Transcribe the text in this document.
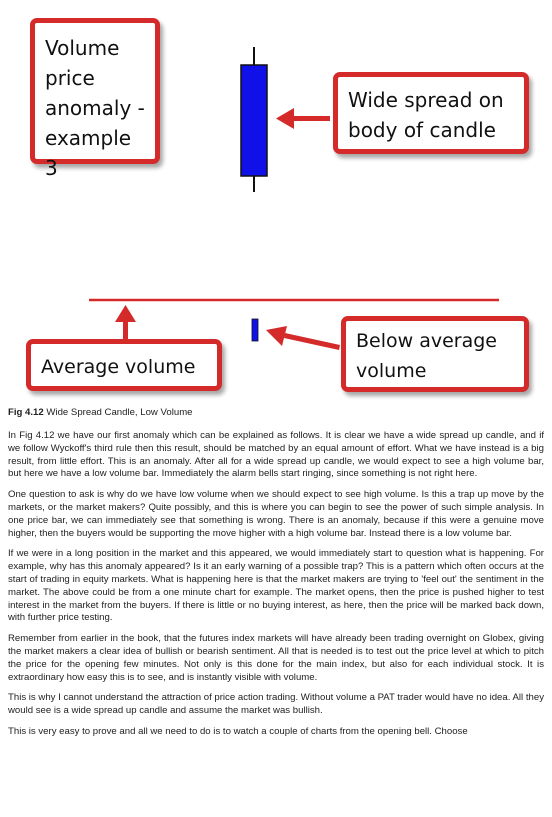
Volume price anomaly - example 3
Wide spread on body of candle
Average volume
Below average volume
Fig 4.12 Wide Spread Candle, Low Volume

In Fig 4.12 we have our first anomaly which can be explained as follows. It is clear we have a wide spread up candle, and if we follow Wyckoff's third rule then this result, should be matched by an equal amount of effort. What we have instead is a big result, from little effort. This is an anomaly. After all for a wide spread up candle, we would expect to see a high volume bar, but here we have a low volume bar. Immediately the alarm bells start ringing, since something is not right here.

One question to ask is why do we have low volume when we should expect to see high volume. Is this a trap up move by the markets, or the market makers? Quite possibly, and this is where you can begin to see the power of such simple analysis. In one price bar, we can immediately see that something is wrong. There is an anomaly, because if this were a genuine move higher, then the buyers would be supporting the move higher with a high volume bar. Instead there is a low volume bar.

If we were in a long position in the market and this appeared, we would immediately start to question what is happening. For example, why has this anomaly appeared? Is it an early warning of a possible trap? This is a pattern which often occurs at the start of trading in equity markets. What is happening here is that the market makers are trying to 'feel out' the sentiment in the market. The above could be from a one minute chart for example. The market opens, then the price is pushed higher to test interest in the market from the buyers. If there is little or no buying interest, as here, then the price will be marked back down, with further price testing.

Remember from earlier in the book, that the futures index markets will have already been trading overnight on Globex, giving the market makers a clear idea of bullish or bearish sentiment. All that is needed is to test out the price level at which to pitch the price for the opening few minutes. Not only is this done for the main index, but also for each individual stock. It is extraordinary how easy this is to see, and is instantly visible with volume.

This is why I cannot understand the attraction of price action trading. Without volume a PAT trader would have no idea. All they would see is a wide spread up candle and assume the market was bullish.

This is very easy to prove and all we need to do is to watch a couple of charts from the opening bell. Choose
